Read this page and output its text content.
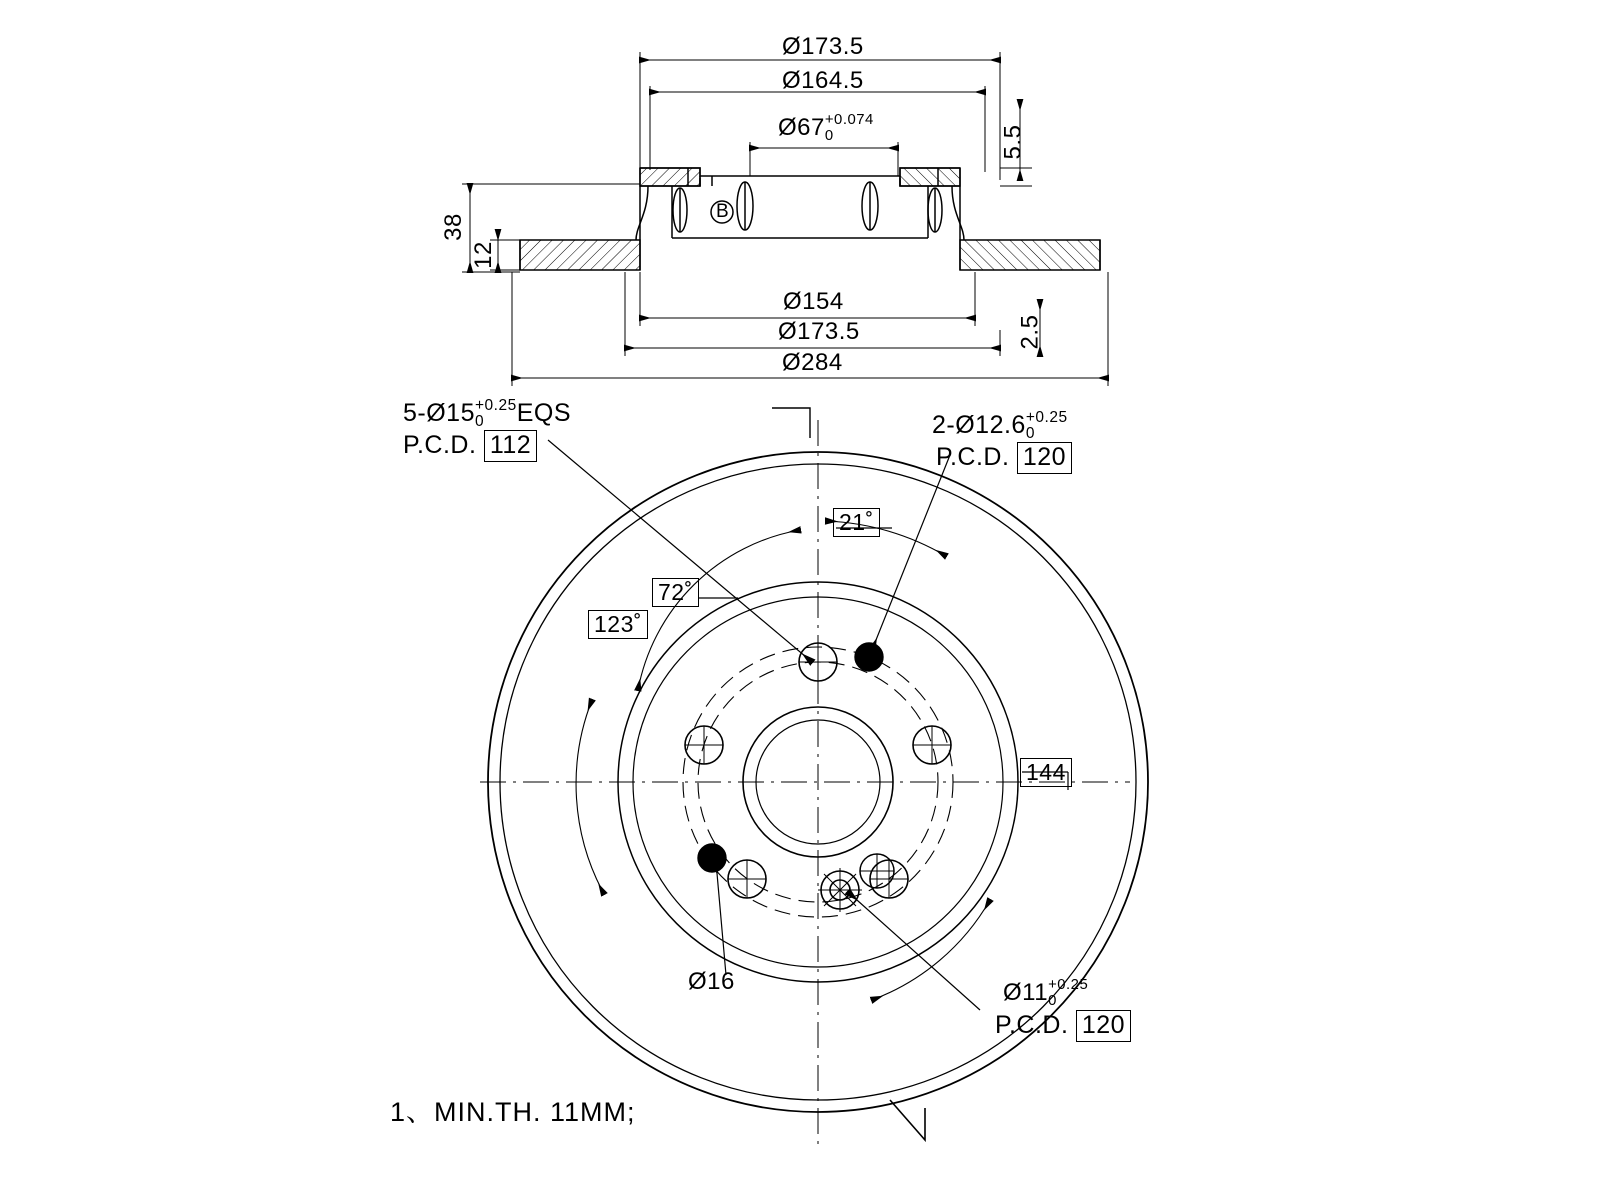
Ø173.5
Ø164.5
Ø67 +0.074
0	5.5
38
12
Ø154
Ø173.5
Ø284
2.5
B
5-Ø15 +0.25
0	EQS
P.C.D. 112
2-Ø12.6 +0.25
0
P.C.D. 120
21˚
72˚
123˚
144
Ø16	Ø11 +0.25
0
P.C.D. 120
1、MIN.TH. 11MM;
